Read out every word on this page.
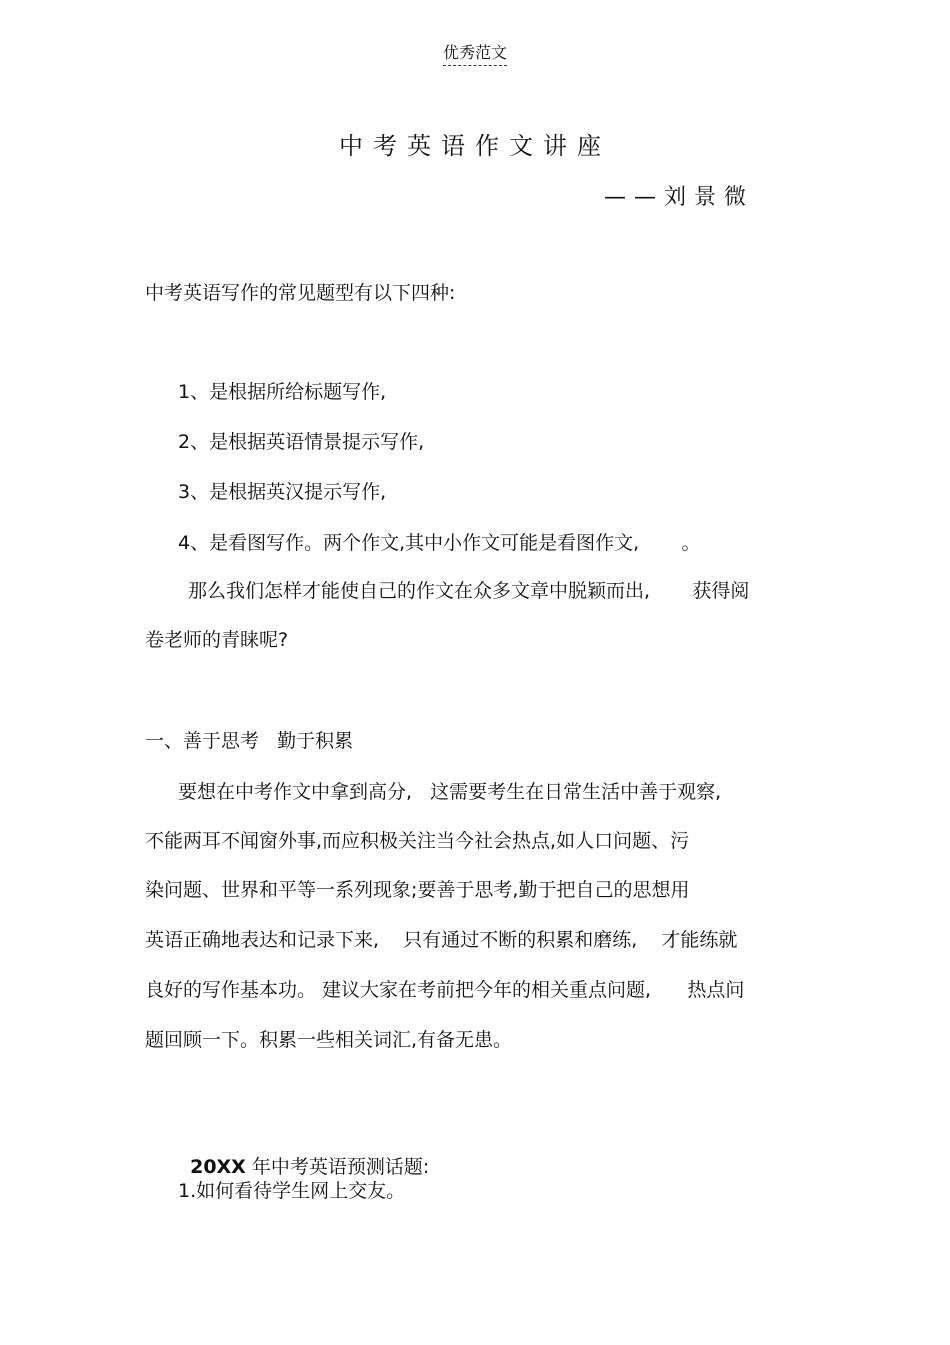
优秀范文
中考英语作文讲座
——刘景微
中考英语写作的常见题型有以下四种:
1、是根据所给标题写作,
2、是根据英语情景提示写作,
3、是根据英汉提示写作,
4、是看图写作。两个作文,其中小作文可能是看图作文,       。
那么我们怎样才能使自己的作文在众多文章中脱颖而出,       获得阅
卷老师的青睐呢?
一、善于思考   勤于积累
要想在中考作文中拿到高分,   这需要考生在日常生活中善于观察,
不能两耳不闻窗外事,而应积极关注当今社会热点,如人口问题、污
染问题、世界和平等一系列现象;要善于思考,勤于把自己的思想用
英语正确地表达和记录下来,    只有通过不断的积累和磨练,    才能练就
良好的写作基本功。 建议大家在考前把今年的相关重点问题,      热点问
题回顾一下。积累一些相关词汇,有备无患。

20XX 年中考英语预测话题:

1.如何看待学生网上交友。
